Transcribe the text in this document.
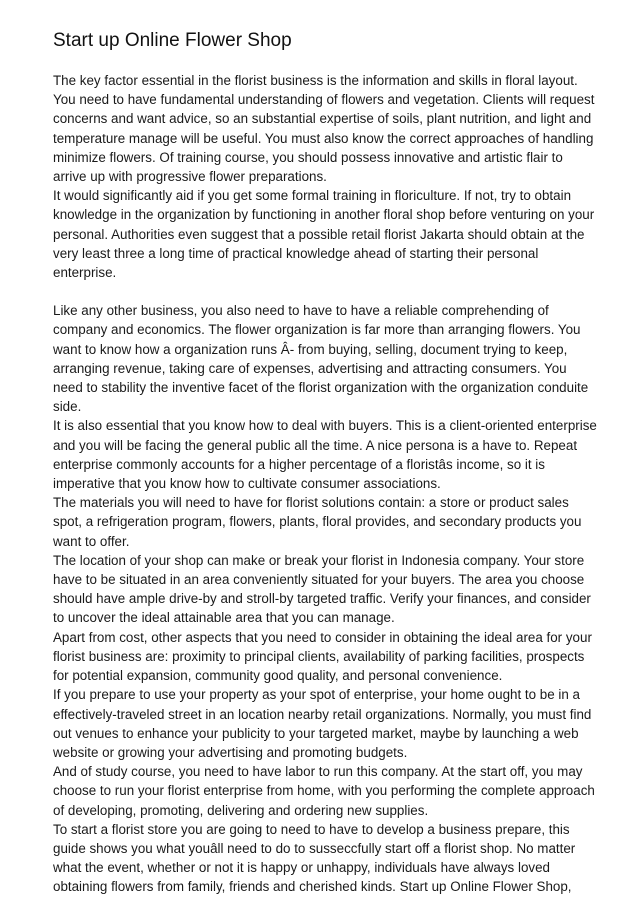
Start up Online Flower Shop

The key factor essential in the florist business is the information and skills in floral layout. You need to have fundamental understanding of flowers and vegetation. Clients will request concerns and want advice, so an substantial expertise of soils, plant nutrition, and light and temperature manage will be useful. You must also know the correct approaches of handling minimize flowers. Of training course, you should possess innovative and artistic flair to arrive up with progressive flower preparations.

It would significantly aid if you get some formal training in floriculture. If not, try to obtain knowledge in the organization by functioning in another floral shop before venturing on your personal. Authorities even suggest that a possible retail florist Jakarta should obtain at the very least three a long time of practical knowledge ahead of starting their personal enterprise.

Like any other business, you also need to have to have a reliable comprehending of company and economics. The flower organization is far more than arranging flowers. You want to know how a organization runs Â- from buying, selling, document trying to keep, arranging revenue, taking care of expenses, advertising and attracting consumers. You need to stability the inventive facet of the florist organization with the organization conduite side.

It is also essential that you know how to deal with buyers. This is a client-oriented enterprise and you will be facing the general public all the time. A nice persona is a have to. Repeat enterprise commonly accounts for a higher percentage of a floristâs income, so it is imperative that you know how to cultivate consumer associations.

The materials you will need to have for florist solutions contain: a store or product sales spot, a refrigeration program, flowers, plants, floral provides, and secondary products you want to offer.

The location of your shop can make or break your florist in Indonesia company. Your store have to be situated in an area conveniently situated for your buyers. The area you choose should have ample drive-by and stroll-by targeted traffic. Verify your finances, and consider to uncover the ideal attainable area that you can manage.

Apart from cost, other aspects that you need to consider in obtaining the ideal area for your florist business are: proximity to principal clients, availability of parking facilities, prospects for potential expansion, community good quality, and personal convenience.

If you prepare to use your property as your spot of enterprise, your home ought to be in a effectively-traveled street in an location nearby retail organizations. Normally, you must find out venues to enhance your publicity to your targeted market, maybe by launching a web website or growing your advertising and promoting budgets.

And of study course, you need to have labor to run this company. At the start off, you may choose to run your florist enterprise from home, with you performing the complete approach of developing, promoting, delivering and ordering new supplies.

To start a florist store you are going to need to have to develop a business prepare, this guide shows you what youâll need to do to susseccfully start off a florist shop. No matter what the event, whether or not it is happy or unhappy, individuals have always loved obtaining flowers from family, friends and cherished kinds. Start up Online Flower Shop,
